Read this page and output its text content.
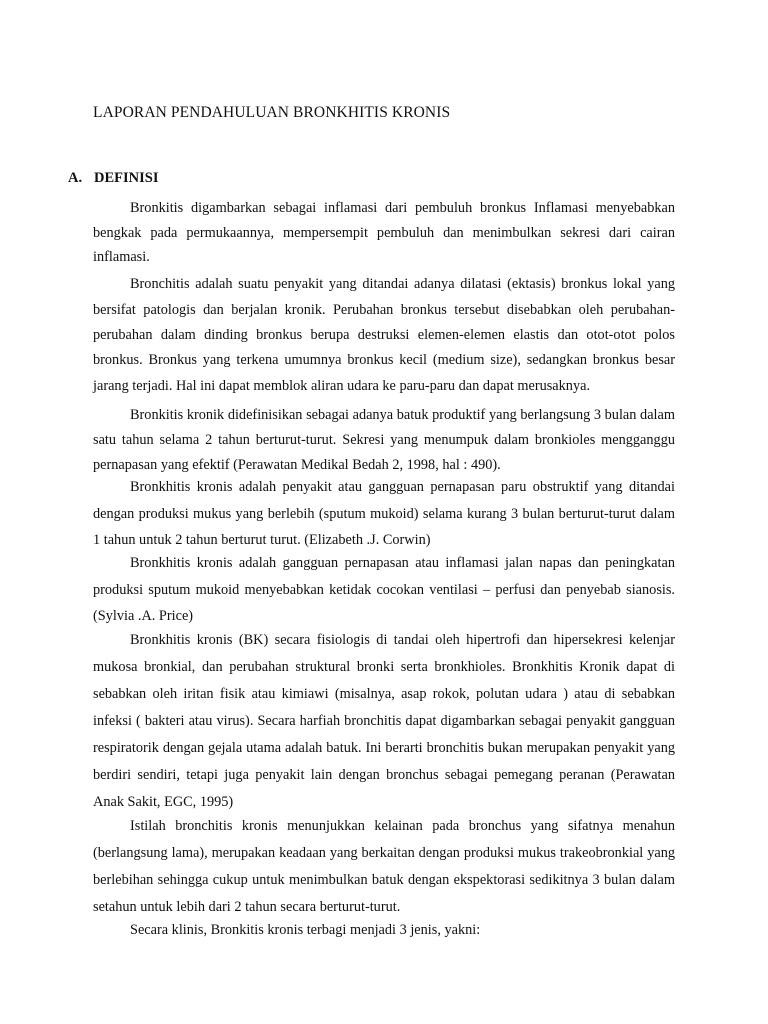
LAPORAN PENDAHULUAN BRONKHITIS KRONIS
A. DEFINISI

Bronkitis digambarkan sebagai inflamasi dari pembuluh bronkus Inflamasi menyebabkan bengkak pada permukaannya, mempersempit pembuluh dan menimbulkan sekresi dari cairan inflamasi.

Bronchitis adalah suatu penyakit yang ditandai adanya dilatasi (ektasis) bronkus lokal yang bersifat patologis dan berjalan kronik. Perubahan bronkus tersebut disebabkan oleh perubahan-perubahan dalam dinding bronkus berupa destruksi elemen-elemen elastis dan otot-otot polos bronkus. Bronkus yang terkena umumnya bronkus kecil (medium size), sedangkan bronkus besar jarang terjadi. Hal ini dapat memblok aliran udara ke paru-paru dan dapat merusaknya.

Bronkitis kronik didefinisikan sebagai adanya batuk produktif yang berlangsung 3 bulan dalam satu tahun selama 2 tahun berturut-turut. Sekresi yang menumpuk dalam bronkioles mengganggu pernapasan yang efektif (Perawatan Medikal Bedah 2, 1998, hal : 490).

Bronkhitis kronis adalah penyakit atau gangguan pernapasan paru obstruktif yang ditandai dengan produksi mukus yang berlebih (sputum mukoid) selama kurang 3 bulan berturut-turut dalam 1 tahun untuk 2 tahun berturut turut. (Elizabeth .J. Corwin)

Bronkhitis kronis adalah gangguan pernapasan atau inflamasi jalan napas dan peningkatan produksi sputum mukoid menyebabkan ketidak cocokan ventilasi – perfusi dan penyebab sianosis. (Sylvia .A. Price)

Bronkhitis kronis (BK) secara fisiologis di tandai oleh hipertrofi dan hipersekresi kelenjar mukosa bronkial, dan perubahan struktural bronki serta bronkhioles. Bronkhitis Kronik dapat di sebabkan oleh iritan fisik atau kimiawi (misalnya, asap rokok, polutan udara ) atau di sebabkan infeksi ( bakteri atau virus). Secara harfiah bronchitis dapat digambarkan sebagai penyakit gangguan respiratorik dengan gejala utama adalah batuk. Ini berarti bronchitis bukan merupakan penyakit yang berdiri sendiri, tetapi juga penyakit lain dengan bronchus sebagai pemegang peranan (Perawatan Anak Sakit, EGC, 1995)

Istilah bronchitis kronis menunjukkan kelainan pada bronchus yang sifatnya menahun (berlangsung lama), merupakan keadaan yang berkaitan dengan produksi mukus trakeobronkial yang berlebihan sehingga cukup untuk menimbulkan batuk dengan ekspektorasi sedikitnya 3 bulan dalam setahun untuk lebih dari 2 tahun secara berturut-turut.

Secara klinis, Bronkitis kronis terbagi menjadi 3 jenis, yakni:
